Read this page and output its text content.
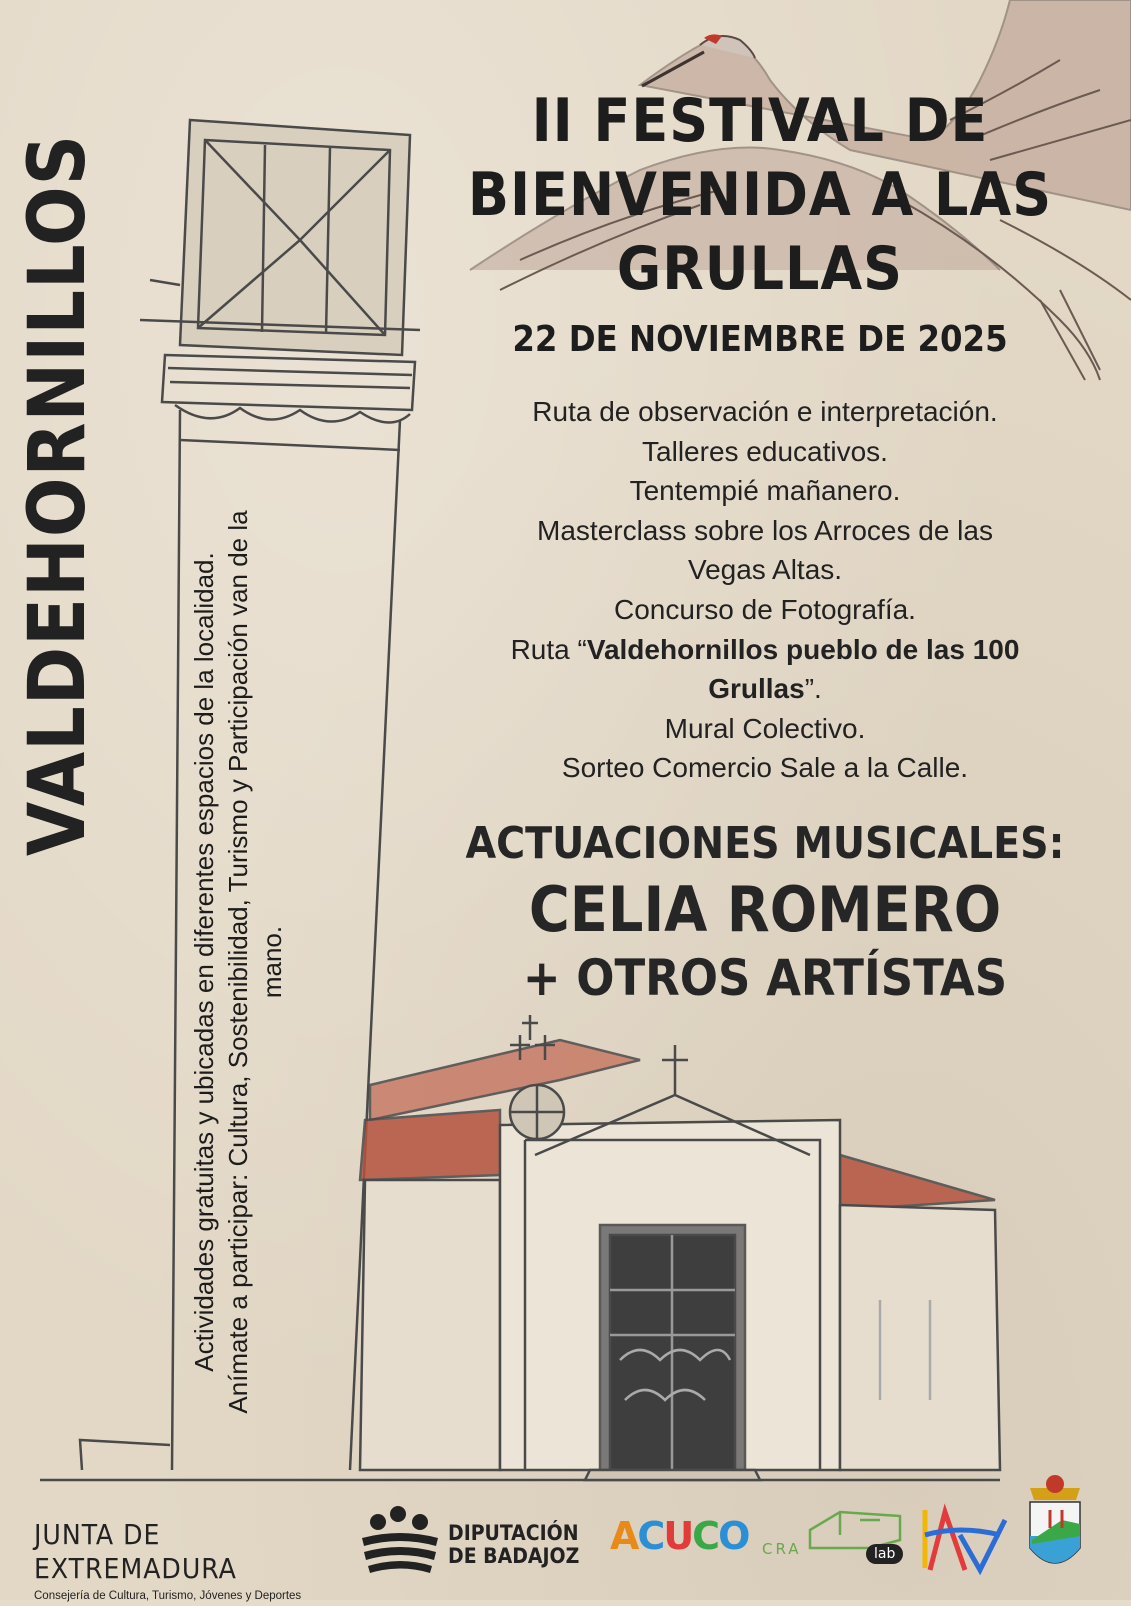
VALDEHORNILLOS

Actividades gratuitas y ubicadas en diferentes espacios de la localidad. Anímate a participar: Cultura, Sostenibilidad, Turismo y Participación van de la mano.

II FESTIVAL DE
BIENVENIDA A LAS
GRULLAS
22 DE NOVIEMBRE DE 2025
Ruta de observación e interpretación.
Talleres educativos.
Tentempié mañanero.
Masterclass sobre los Arroces de las
Vegas Altas.
Concurso de Fotografía.
Ruta “Valdehornillos pueblo de las 100
Grullas”.
Mural Colectivo.
Sorteo Comercio Sale a la Calle.
ACTUACIONES MUSICALES:
CELIA ROMERO
+ OTROS ARTÍSTAS
JUNTA DE EXTREMADURA
Consejería de Cultura, Turismo, Jóvenes y Deportes
DIPUTACIÓN
DE BADAJOZ ACUCO CRA	lab
